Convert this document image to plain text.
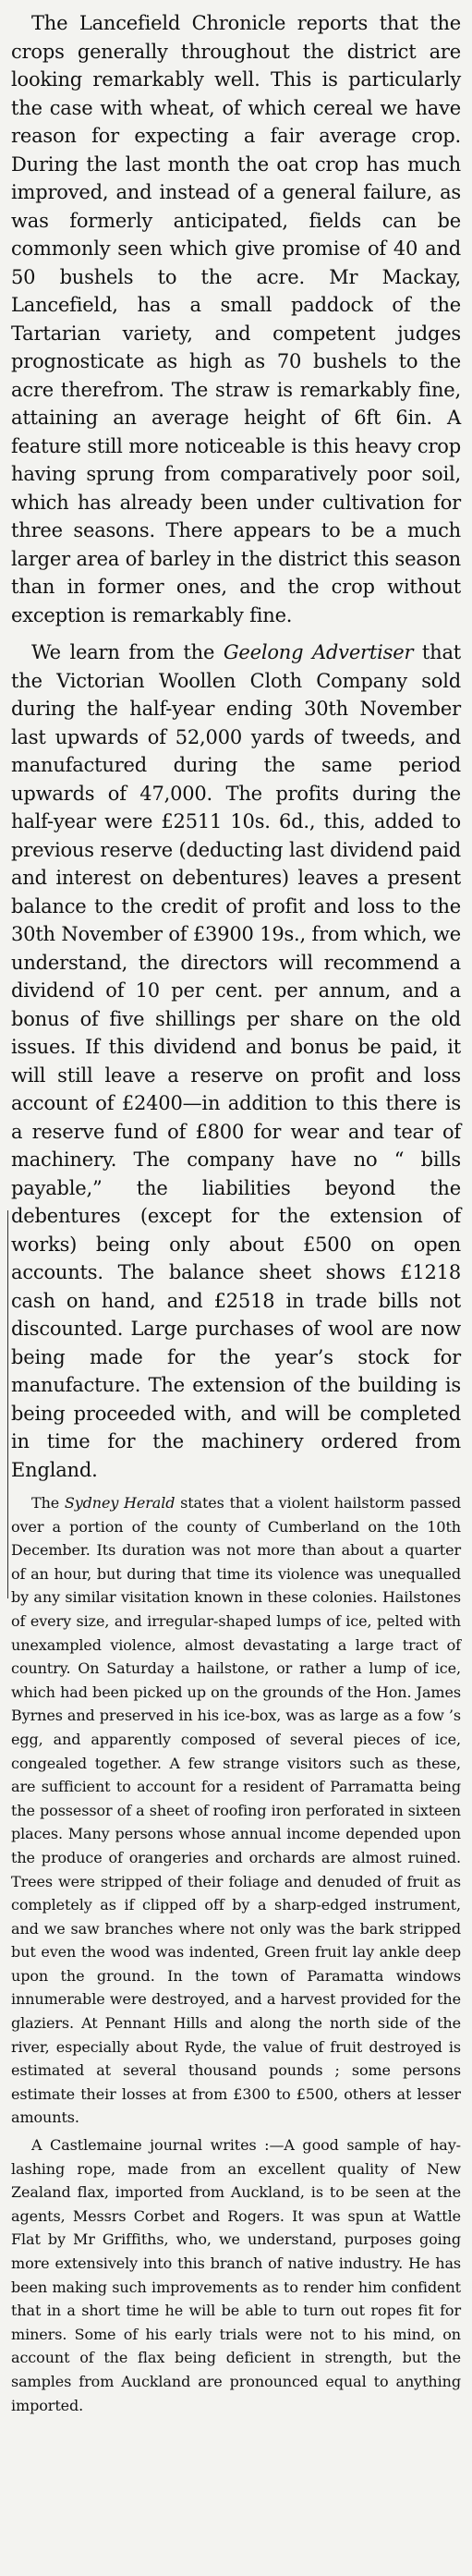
The Lancefield Chronicle reports that the crops generally throughout the district are looking remarkably well. This is particularly the case with wheat, of which cereal we have reason for expecting a fair average crop. During the last month the oat crop has much improved, and instead of a general failure, as was formerly anticipated, fields can be commonly seen which give promise of 40 and 50 bushels to the acre. Mr Mackay, Lancefield, has a small paddock of the Tartarian variety, and competent judges prognosticate as high as 70 bushels to the acre therefrom. The straw is remarkably fine, attaining an average height of 6ft 6in. A feature still more noticeable is this heavy crop having sprung from comparatively poor soil, which has already been under cultivation for three seasons. There appears to be a much larger area of barley in the district this season than in former ones, and the crop without exception is remarkably fine.

We learn from the Geelong Advertiser that the Victorian Woollen Cloth Company sold during the half-year ending 30th November last upwards of 52,000 yards of tweeds, and manufactured during the same period upwards of 47,000. The profits during the half-year were £2511 10s. 6d., this, added to previous reserve (deducting last dividend paid and interest on debentures) leaves a present balance to the credit of profit and loss to the 30th November of £3900 19s., from which, we understand, the directors will recommend a dividend of 10 per cent. per annum, and a bonus of five shillings per share on the old issues. If this dividend and bonus be paid, it will still leave a reserve on profit and loss account of £2400—in addition to this there is a reserve fund of £800 for wear and tear of machinery. The company have no “ bills payable,” the liabilities beyond the debentures (except for the extension of works) being only about £500 on open accounts. The balance sheet shows £1218 cash on hand, and £2518 in trade bills not discounted. Large purchases of wool are now being made for the year’s stock for manufacture. The extension of the building is being proceeded with, and will be completed in time for the machinery ordered from England.

The Sydney Herald states that a violent hailstorm passed over a portion of the county of Cumberland on the 10th December. Its duration was not more than about a quarter of an hour, but during that time its violence was unequalled by any similar visitation known in these colonies. Hailstones of every size, and irregular-shaped lumps of ice, pelted with unexampled violence, almost devastating a large tract of country. On Saturday a hailstone, or rather a lump of ice, which had been picked up on the grounds of the Hon. James Byrnes and preserved in his ice-box, was as large as a fow ’s egg, and apparently composed of several pieces of ice, congealed together. A few strange visitors such as these, are sufficient to account for a resident of Parramatta being the possessor of a sheet of roofing iron perforated in sixteen places. Many persons whose annual income depended upon the produce of orangeries and orchards are almost ruined. Trees were stripped of their foliage and denuded of fruit as completely as if clipped off by a sharp-edged instrument, and we saw branches where not only was the bark stripped but even the wood was indented, Green fruit lay ankle deep upon the ground. In the town of Paramatta windows innumerable were destroyed, and a harvest provided for the glaziers. At Pennant Hills and along the north side of the river, especially about Ryde, the value of fruit destroyed is estimated at several thousand pounds ; some persons estimate their losses at from £300 to £500, others at lesser amounts.

A Castlemaine journal writes :—A good sample of hay-lashing rope, made from an excellent quality of New Zealand flax, imported from Auckland, is to be seen at the agents, Messrs Corbet and Rogers. It was spun at Wattle Flat by Mr Griffiths, who, we understand, purposes going more extensively into this branch of native industry. He has been making such improvements as to render him confident that in a short time he will be able to turn out ropes fit for miners. Some of his early trials were not to his mind, on account of the flax being deficient in strength, but the samples from Auckland are pronounced equal to anything imported.
